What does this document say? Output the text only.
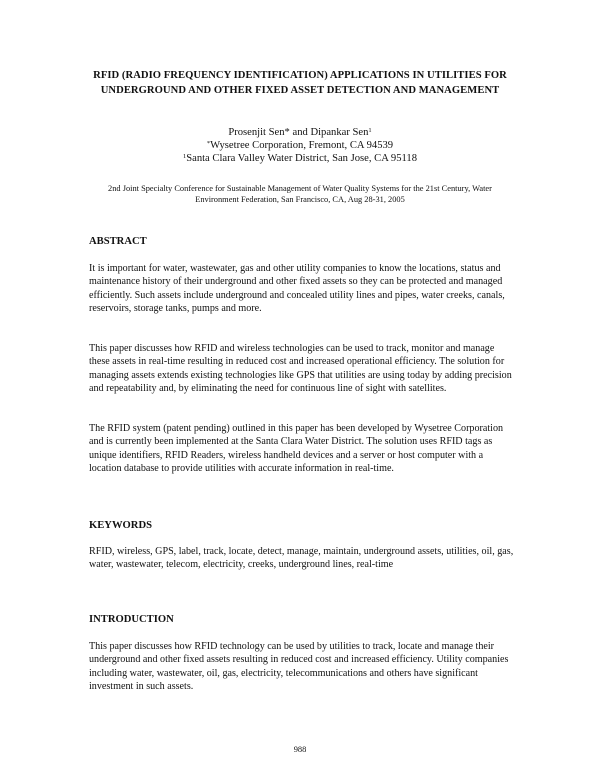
RFID (RADIO FREQUENCY IDENTIFICATION) APPLICATIONS IN UTILITIES FOR UNDERGROUND AND OTHER FIXED ASSET DETECTION AND MANAGEMENT
Prosenjit Sen* and Dipankar Sen$^1$
*Wysetree Corporation, Fremont, CA 94539
$^1$Santa Clara Valley Water District, San Jose, CA 95118
2nd Joint Specialty Conference for Sustainable Management of Water Quality Systems for the 21st Century, Water Environment Federation, San Francisco, CA, Aug 28-31, 2005
ABSTRACT

It is important for water, wastewater, gas and other utility companies to know the locations, status and maintenance history of their underground and other fixed assets so they can be protected and managed efficiently. Such assets include underground and concealed utility lines and pipes, water creeks, canals, reservoirs, storage tanks, pumps and more.

This paper discusses how RFID and wireless technologies can be used to track, monitor and manage these assets in real-time resulting in reduced cost and increased operational efficiency. The solution for managing assets extends existing technologies like GPS that utilities are using today by adding precision and repeatability and, by eliminating the need for continuous line of sight with satellites.

The RFID system (patent pending) outlined in this paper has been developed by Wysetree Corporation and is currently been implemented at the Santa Clara Water District. The solution uses RFID tags as unique identifiers, RFID Readers, wireless handheld devices and a server or host computer with a location database to provide utilities with accurate information in real-time.

KEYWORDS

RFID, wireless, GPS, label, track, locate, detect, manage, maintain, underground assets, utilities, oil, gas, water, wastewater, telecom, electricity, creeks, underground lines, real-time

INTRODUCTION

This paper discusses how RFID technology can be used by utilities to track, locate and manage their underground and other fixed assets resulting in reduced cost and increased efficiency. Utility companies including water, wastewater, oil, gas, electricity, telecommunications and others have significant investment in such assets.

988
